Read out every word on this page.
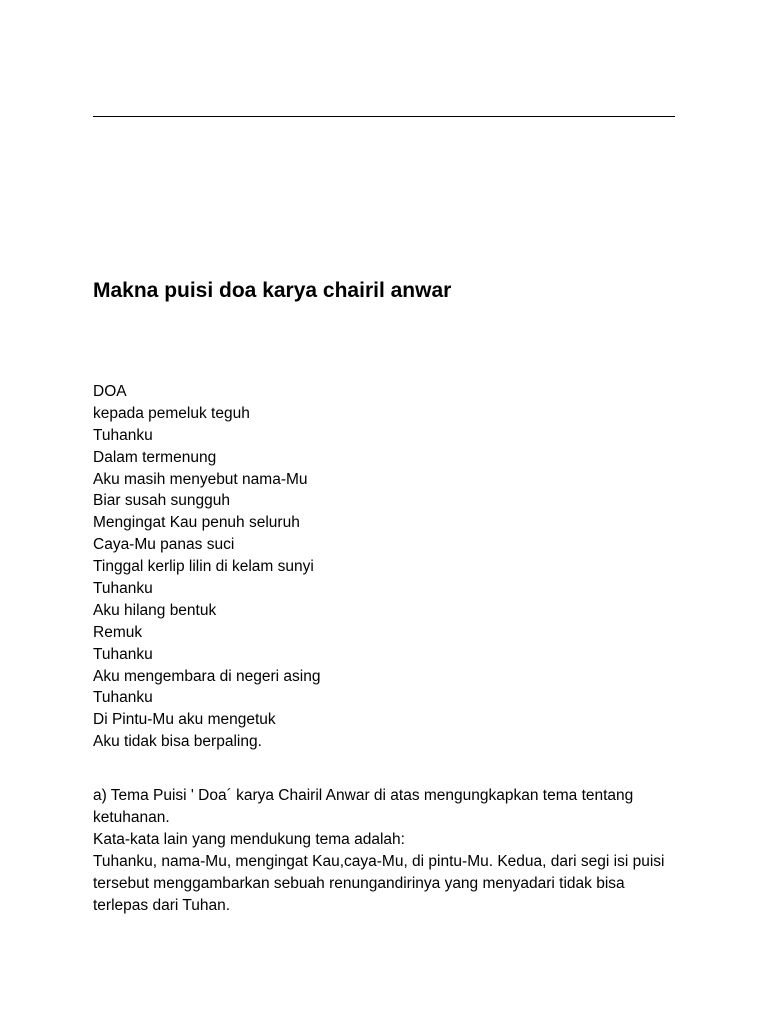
Makna puisi doa karya chairil anwar
DOA
kepada pemeluk teguh
Tuhanku
Dalam termenung
Aku masih menyebut nama-Mu
Biar susah sungguh
Mengingat Kau penuh seluruh
Caya-Mu panas suci
Tinggal kerlip lilin di kelam sunyi
Tuhanku
Aku hilang bentuk
Remuk
Tuhanku
Aku mengembara di negeri asing
Tuhanku
Di Pintu-Mu aku mengetuk
Aku tidak bisa berpaling.

a) Tema Puisi ' Doa´ karya Chairil Anwar di atas mengungkapkan tema tentang ketuhanan.

Kata-kata lain yang mendukung tema adalah:

Tuhanku, nama-Mu, mengingat Kau,caya-Mu, di pintu-Mu. Kedua, dari segi isi puisi tersebut menggambarkan sebuah renungandirinya yang menyadari tidak bisa terlepas dari Tuhan.
